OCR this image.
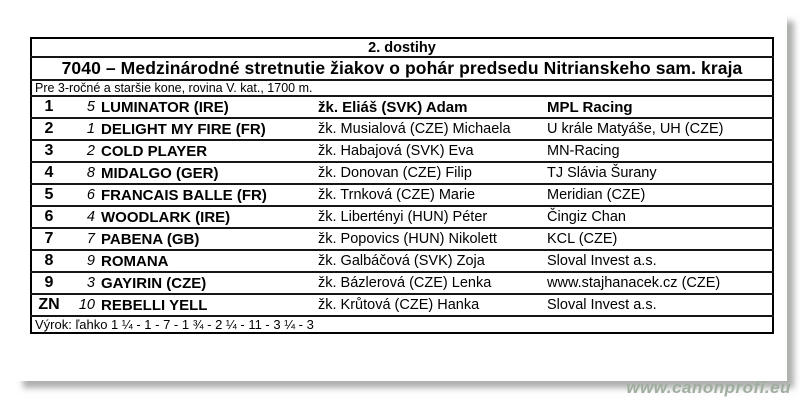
2. dostihy				
7040 – Medzinárodné stretnutie žiakov o pohár predsedu Nitrianskeho sam. kraja				
Pre 3-ročné a staršie kone, rovina V. kat., 1700 m.				
1	5	LUMINATOR (IRE)	žk. Eliáš (SVK) Adam	MPL Racing
2	1	DELIGHT MY FIRE (FR)	žk. Musialová (CZE) Michaela	U krále Matyáše, UH (CZE)
3	2	COLD PLAYER	žk. Habajová (SVK) Eva	MN-Racing
4	8	MIDALGO (GER)	žk. Donovan (CZE) Filip	TJ Slávia Šurany
5	6	FRANCAIS BALLE (FR)	žk. Trnková (CZE) Marie	Meridian (CZE)
6	4	WOODLARK (IRE)	žk. Libertényi (HUN) Péter	Čingiz Chan
7	7	PABENA (GB)	žk. Popovics (HUN) Nikolett	KCL (CZE)
8	9	ROMANA	žk. Galbáčová (SVK) Zoja	Sloval Invest a.s.
9	3	GAYIRIN (CZE)	žk. Bázlerová (CZE) Lenka	www.stajhanacek.cz (CZE)
ZN	10	REBELLI YELL	žk. Krůtová (CZE) Hanka	Sloval Invest a.s.
Výrok: ľahko 1 ¼ - 1 - 7 - 1 ¾ - 2 ¼ - 11 - 3 ¼ - 3				
www.canonprofi.eu
